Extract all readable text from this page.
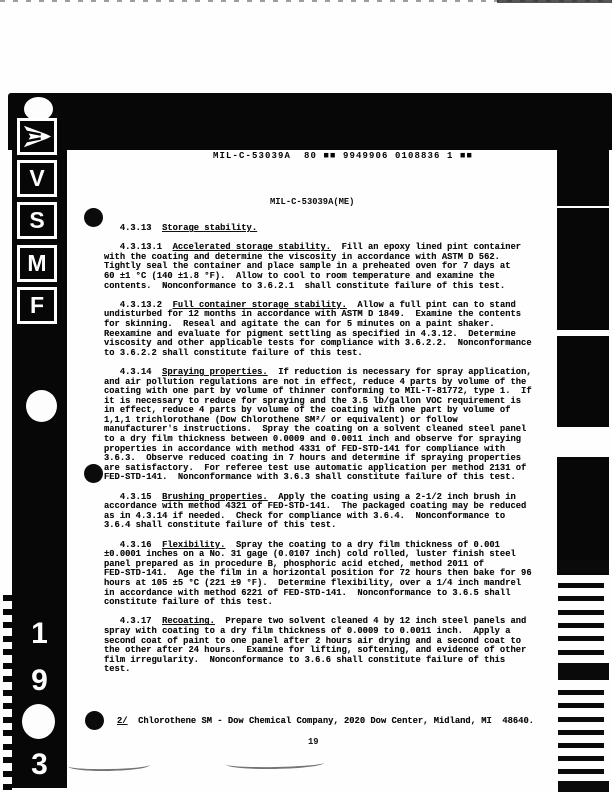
V
S
M
F
1
9
3
MIL-C-53039A  80 ■■ 9949906 0108836 1 ■■
MIL-C-53039A(ME)
4.3.13  Storage stability.
4.3.13.1  Accelerated storage stability.  Fill an epoxy lined pint container
with the coating and determine the viscosity in accordance with ASTM D 562.
Tightly seal the container and place sample in a preheated oven for 7 days at
60 ±1 °C (140 ±1.8 °F).  Allow to cool to room temperature and examine the
contents.  Nonconformance to 3.6.2.1  shall constitute failure of this test.
4.3.13.2  Full container storage stability.  Allow a full pint can to stand
undisturbed for 12 months in accordance with ASTM D 1849.  Examine the contents
for skinning.  Reseal and agitate the can for 5 minutes on a paint shaker.
Reexamine and evaluate for pigment settling as specified in 4.3.12.  Determine
viscosity and other applicable tests for compliance with 3.6.2.2.  Nonconformance
to 3.6.2.2 shall constitute failure of this test.
4.3.14  Spraying properties.  If reduction is necessary for spray application,
and air pollution regulations are not in effect, reduce 4 parts by volume of the
coating with one part by volume of thinner conforming to MIL-T-81772, type 1.  If
it is necessary to reduce for spraying and the 3.5 lb/gallon VOC requirement is
in effect, reduce 4 parts by volume of the coating with one part by volume of
1,1,1 trichlorothane (Dow Chlorothene SM²/ or equivalent) or follow
manufacturer's instructions.  Spray the coating on a solvent cleaned steel panel
to a dry film thickness between 0.0009 and 0.0011 inch and observe for spraying
properties in accordance with method 4331 of FED-STD-141 for compliance with
3.6.3.  Observe reduced coating in 7 hours and determine if spraying properties
are satisfactory.  For referee test use automatic application per method 2131 of
FED-STD-141.  Nonconformance with 3.6.3 shall constitute failure of this test.
4.3.15  Brushing properties.  Apply the coating using a 2-1/2 inch brush in
accordance with method 4321 of FED-STD-141.  The packaged coating may be reduced
as in 4.3.14 if needed.  Check for compliance with 3.6.4.  Nonconformance to
3.6.4 shall constitute failure of this test.
4.3.16  Flexibility.  Spray the coating to a dry film thickness of 0.001
±0.0001 inches on a No. 31 gage (0.0107 inch) cold rolled, luster finish steel
panel prepared as in procedure B, phosphoric acid etched, method 2011 of
FED-STD-141.  Age the film in a horizontal position for 72 hours then bake for 96
hours at 105 ±5 °C (221 ±9 °F).  Determine flexibility, over a 1/4 inch mandrel
in accordance with method 6221 of FED-STD-141.  Nonconformance to 3.6.5 shall
constitute failure of this test.
4.3.17  Recoating.  Prepare two solvent cleaned 4 by 12 inch steel panels and
spray with coating to a dry film thickness of 0.0009 to 0.0011 inch.  Apply a
second coat of paint to one panel after 2 hours air drying and a second coat to
the other after 24 hours.  Examine for lifting, softening, and evidence of other
film irregularity.  Nonconformance to 3.6.6 shall constitute failure of this
test.
2/  Chlorothene SM - Dow Chemical Company, 2020 Dow Center, Midland, MI  48640.
19
